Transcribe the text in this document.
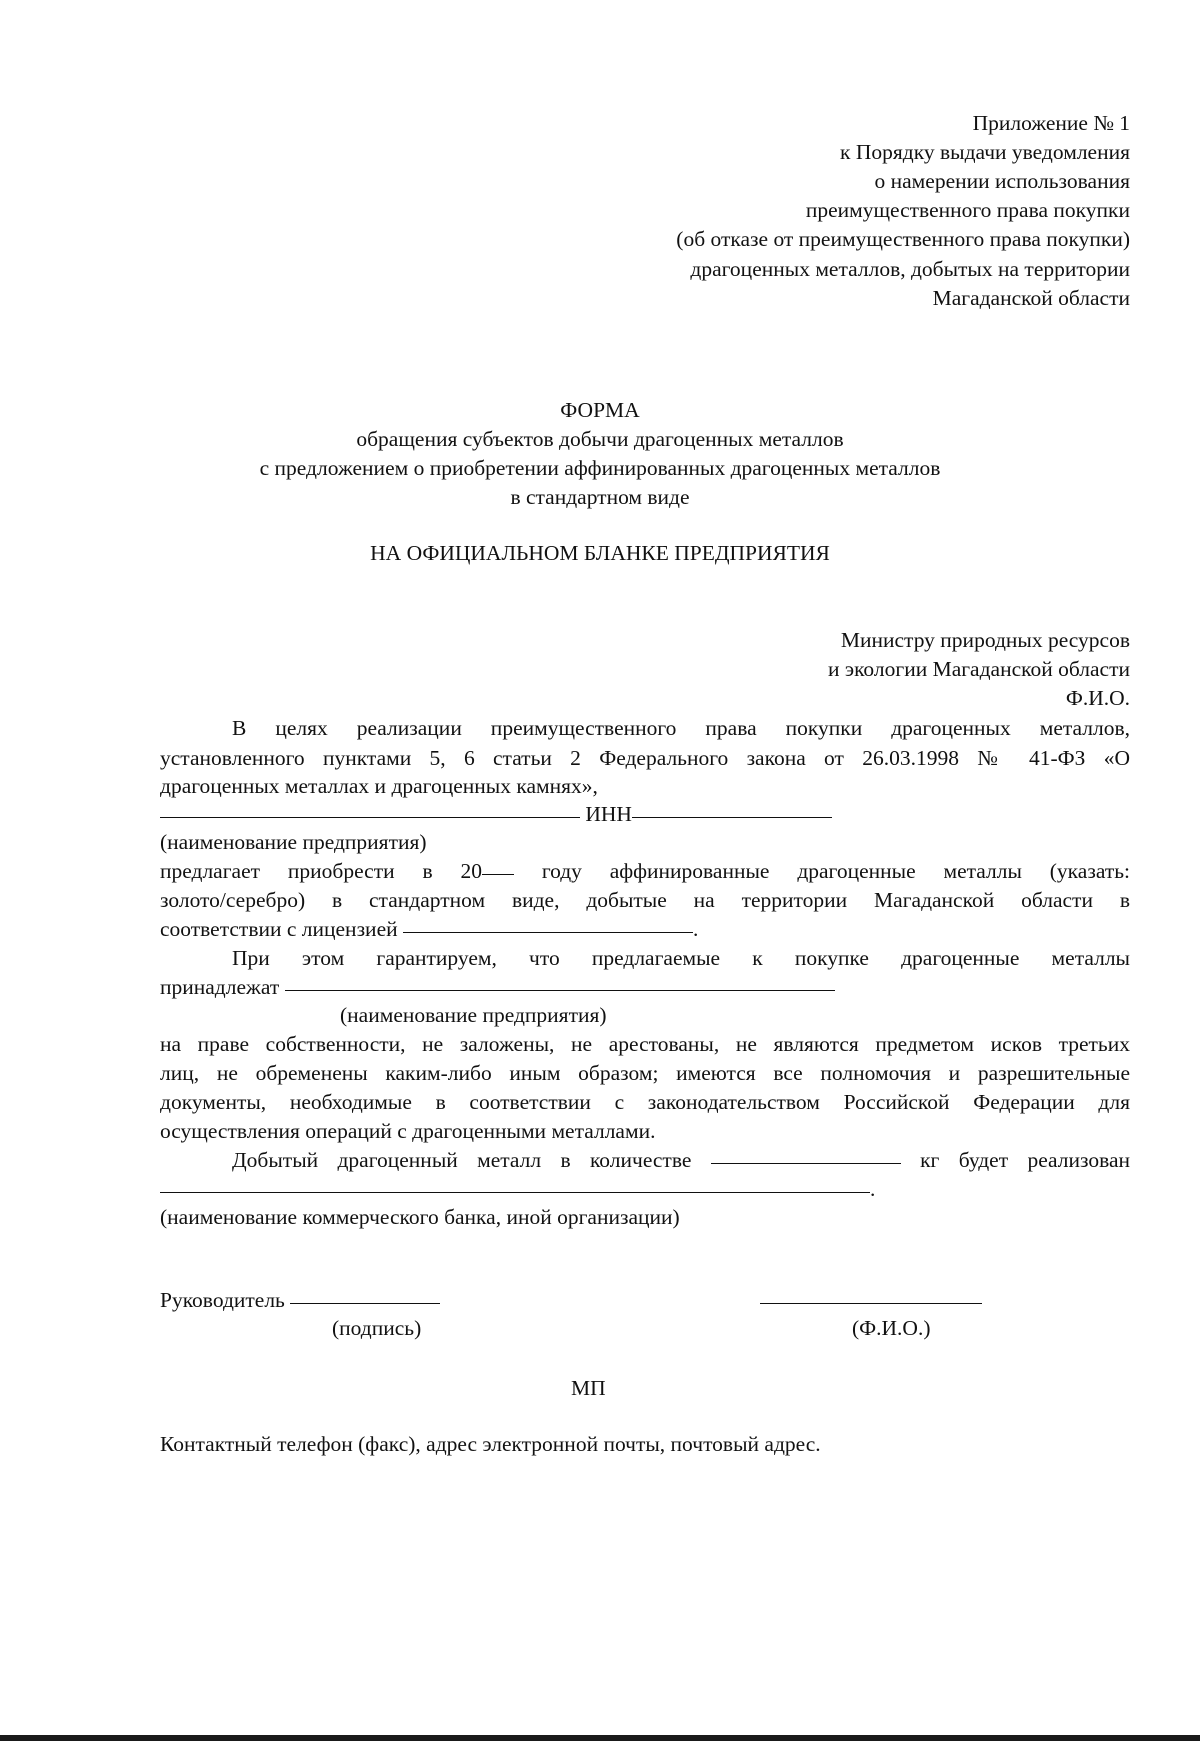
Приложение № 1
к Порядку выдачи уведомления
о намерении использования
преимущественного права покупки
(об отказе от преимущественного права покупки)
драгоценных металлов, добытых на территории
Магаданской области
ФОРМА
обращения субъектов добычи драгоценных металлов
с предложением о приобретении аффинированных драгоценных металлов
в стандартном виде
НА ОФИЦИАЛЬНОМ БЛАНКЕ ПРЕДПРИЯТИЯ
Министру природных ресурсов
и экологии Магаданской области
Ф.И.О.
В целях реализации преимущественного права покупки драгоценных металлов,
установленного пунктами 5, 6 статьи 2 Федерального закона от 26.03.1998 № 41-ФЗ «О
драгоценных металлах и драгоценных камнях»,
ИНН
(наименование предприятия)
предлагает приобрести в 20	году аффинированные драгоценные металлы (указать:
золото/серебро) в стандартном виде, добытые на территории Магаданской области в
соответствии с лицензией	.
При этом гарантируем, что предлагаемые к покупке драгоценные металлы
принадлежат
(наименование предприятия)
на праве собственности, не заложены, не арестованы, не являются предметом исков третьих
лиц, не обременены каким-либо иным образом; имеются все полномочия и разрешительные
документы, необходимые в соответствии с законодательством Российской Федерации для
осуществления операций с драгоценными металлами.
Добытый драгоценный металл в количестве	кг будет реализован
.
(наименование коммерческого банка, иной организации)
Руководитель
(подпись)	(Ф.И.О.)
МП
Контактный телефон (факс), адрес электронной почты, почтовый адрес.
